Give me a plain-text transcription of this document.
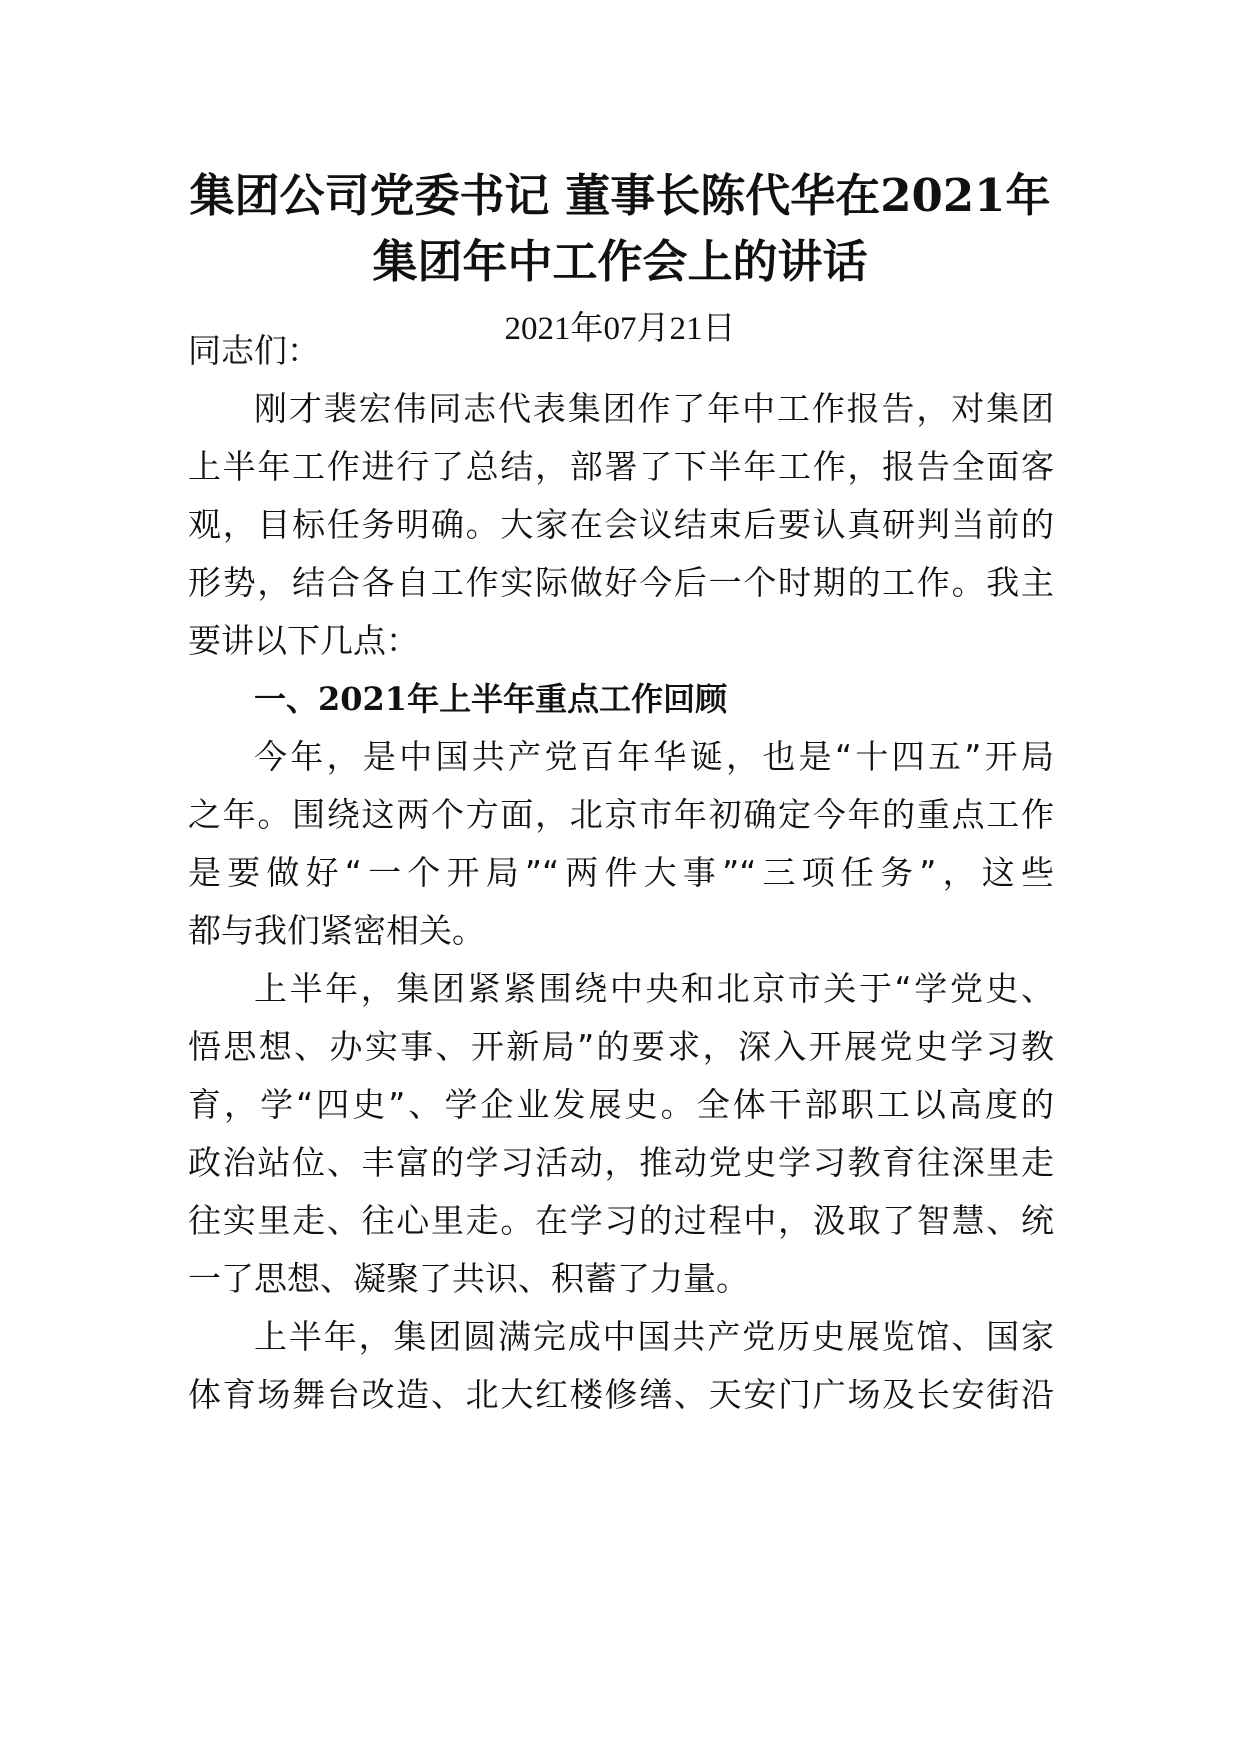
集团公司党委书记 董事长陈代华在2021年
集团年中工作会上的讲话
2021年07月21日
同志们：
刚才裴宏伟同志代表集团作了年中工作报告，对集团
上半年工作进行了总结，部署了下半年工作，报告全面客
观，目标任务明确。大家在会议结束后要认真研判当前的
形势，结合各自工作实际做好今后一个时期的工作。我主
要讲以下几点：
一、2021年上半年重点工作回顾
今年，是中国共产党百年华诞，也是“十四五”开局
之年。围绕这两个方面，北京市年初确定今年的重点工作
是要做好“一个开局”“两件大事”“三项任务”，这些
都与我们紧密相关。
上半年，集团紧紧围绕中央和北京市关于“学党史、
悟思想、办实事、开新局”的要求，深入开展党史学习教
育，学“四史”、学企业发展史。全体干部职工以高度的
政治站位、丰富的学习活动，推动党史学习教育往深里走
往实里走、往心里走。在学习的过程中，汲取了智慧、统
一了思想、凝聚了共识、积蓄了力量。
上半年，集团圆满完成中国共产党历史展览馆、国家
体育场舞台改造、北大红楼修缮、天安门广场及长安街沿
